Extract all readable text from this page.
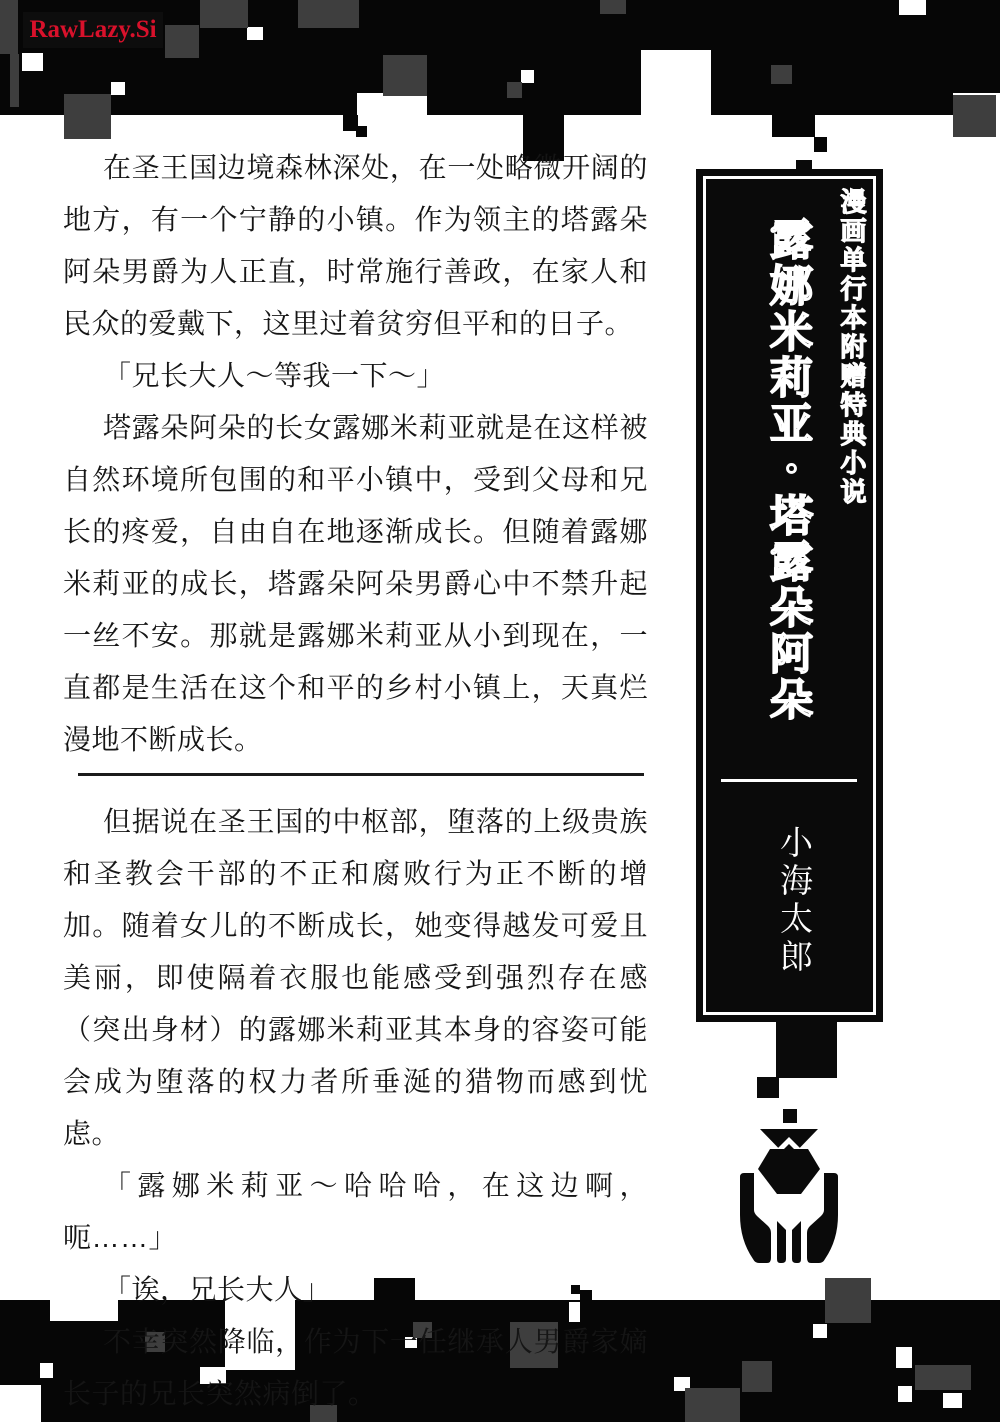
RawLazy.Si

在圣王国边境森林深处，在一处略微开阔的地方，有一个宁静的小镇。作为领主的塔露朵阿朵男爵为人正直，时常施行善政，在家人和民众的爱戴下，这里过着贫穷但平和的日子。

「兄长大人～等我一下～」

塔露朵阿朵的长女露娜米莉亚就是在这样被自然环境所包围的和平小镇中，受到父母和兄长的疼爱，自由自在地逐渐成长。但随着露娜米莉亚的成长，塔露朵阿朵男爵心中不禁升起一丝不安。那就是露娜米莉亚从小到现在，一直都是生活在这个和平的乡村小镇上，天真烂漫地不断成长。

但据说在圣王国的中枢部，堕落的上级贵族和圣教会干部的不正和腐败行为正不断的增加。随着女儿的不断成长，她变得越发可爱且美丽，即使隔着衣服也能感受到强烈存在感（突出身材）的露娜米莉亚其本身的容姿可能会成为堕落的权力者所垂涎的猎物而感到忧虑。

「露娜米莉亚～哈哈哈，在这边啊，呃……」

「诶，兄长大人」

不幸突然降临，作为下一任继承人男爵家嫡长子的兄长突然病倒了。

漫画单行本附赠特典小说
露娜米莉亚・塔露朵阿朵
小海太郎
